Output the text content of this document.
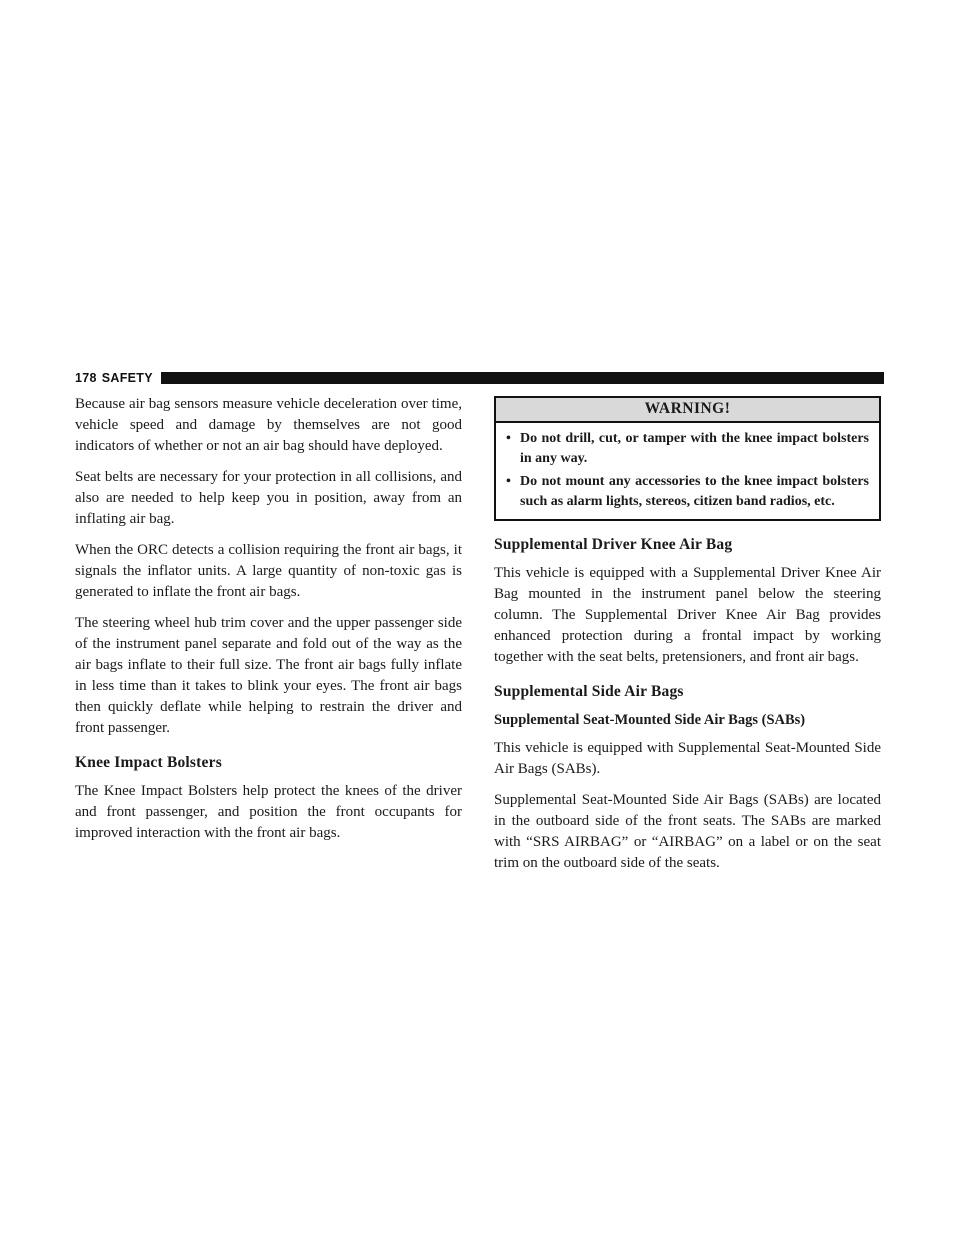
178 SAFETY

Because air bag sensors measure vehicle deceleration over time, vehicle speed and damage by themselves are not good indicators of whether or not an air bag should have deployed.

Seat belts are necessary for your protection in all collisions, and also are needed to help keep you in position, away from an inflating air bag.

When the ORC detects a collision requiring the front air bags, it signals the inflator units. A large quantity of non-toxic gas is generated to inflate the front air bags.

The steering wheel hub trim cover and the upper passenger side of the instrument panel separate and fold out of the way as the air bags inflate to their full size. The front air bags fully inflate in less time than it takes to blink your eyes. The front air bags then quickly deflate while helping to restrain the driver and front passenger.

Knee Impact Bolsters

The Knee Impact Bolsters help protect the knees of the driver and front passenger, and position the front occupants for improved interaction with the front air bags.

WARNING!
• Do not drill, cut, or tamper with the knee impact bolsters in any way.
• Do not mount any accessories to the knee impact bolsters such as alarm lights, stereos, citizen band radios, etc.
Supplemental Driver Knee Air Bag

This vehicle is equipped with a Supplemental Driver Knee Air Bag mounted in the instrument panel below the steering column. The Supplemental Driver Knee Air Bag provides enhanced protection during a frontal impact by working together with the seat belts, pretensioners, and front air bags.

Supplemental Side Air Bags
Supplemental Seat-Mounted Side Air Bags (SABs)

This vehicle is equipped with Supplemental Seat-Mounted Side Air Bags (SABs).

Supplemental Seat-Mounted Side Air Bags (SABs) are located in the outboard side of the front seats. The SABs are marked with “SRS AIRBAG” or “AIRBAG” on a label or on the seat trim on the outboard side of the seats.
